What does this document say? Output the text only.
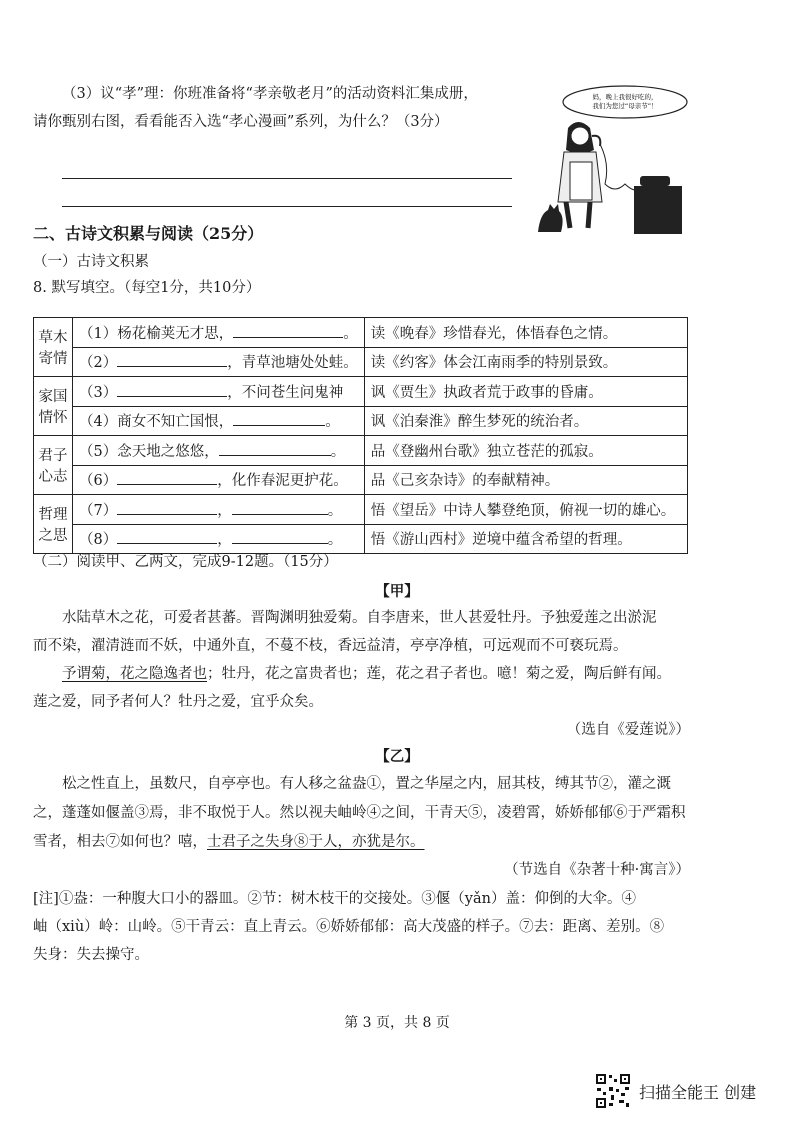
（3）议“孝”理：你班准备将“孝亲敬老月”的活动资料汇集成册，
请你甄别右图，看看能否入选“孝心漫画”系列，为什么？（3分）
妈，晚上我很好吃的，
我们为您过“母亲节”！
二、古诗文积累与阅读（25分）
（一）古诗文积累
8. 默写填空。（每空1分，共10分）
草木
寄情	（1）杨花榆荚无才思， 。	读《晚春》珍惜春光，体悟春色之情。
	（2） ，青草池塘处处蛙。	读《约客》体会江南雨季的特别景致。
家国
情怀	（3） ，不问苍生问鬼神	讽《贾生》执政者荒于政事的昏庸。
	（4）商女不知亡国恨， 。	讽《泊秦淮》醉生梦死的统治者。
君子
心志	（5）念天地之悠悠， 。	品《登幽州台歌》独立苍茫的孤寂。
	（6） ，化作春泥更护花。	品《己亥杂诗》的奉献精神。
哲理
之思	（7） ， 。	悟《望岳》中诗人攀登绝顶，俯视一切的雄心。
	（8） ， 。	悟《游山西村》逆境中蕴含希望的哲理。
（二）阅读甲、乙两文，完成9-12题。（15分）
【甲】
水陆草木之花，可爱者甚蕃。晋陶渊明独爱菊。自李唐来，世人甚爱牡丹。予独爱莲之出淤泥
而不染，濯清涟而不妖，中通外直，不蔓不枝，香远益清，亭亭净植，可远观而不可亵玩焉。
予谓菊，花之隐逸者也；牡丹，花之富贵者也；莲，花之君子者也。噫！菊之爱，陶后鲜有闻。
莲之爱，同予者何人？牡丹之爱，宜乎众矣。
（选自《爱莲说》）
【乙】
松之性直上，虽数尺，自亭亭也。有人移之盆盎①，置之华屋之内，屈其枝，缚其节②，灌之溉
之，蓬蓬如偃盖③焉，非不取悦于人。然以视夫岫岭④之间，干青天⑤，凌碧霄，娇娇郁郁⑥于严霜积
雪者，相去⑦如何也？嘻，士君子之失身⑧于人，亦犹是尔。
（节选自《杂著十种·寓言》）
[注]①盎：一种腹大口小的器皿。②节：树木枝干的交接处。③偃（yǎn）盖：仰倒的大伞。④
岫（xiù）岭：山岭。⑤干青云：直上青云。⑥娇娇郁郁：高大茂盛的样子。⑦去：距离、差别。⑧
失身：失去操守。
第 3 页，共 8 页
扫描全能王 创建
